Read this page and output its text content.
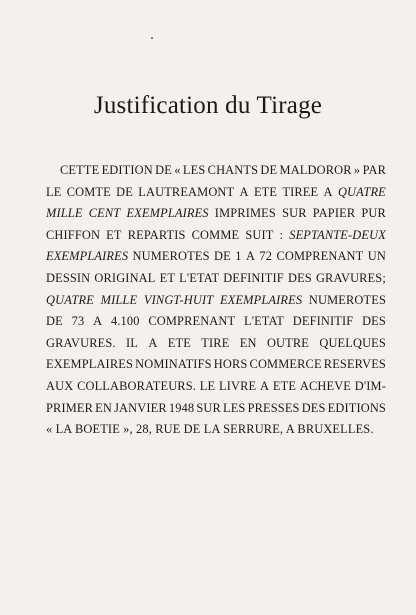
Justification du Tirage
CETTE EDITION DE « LES CHANTS DE MALDOROR » PAR
LE COMTE DE LAUTREAMONT A ETE TIREE A QUATRE
MILLE CENT EXEMPLAIRES IMPRIMES SUR PAPIER PUR
CHIFFON ET REPARTIS COMME SUIT : SEPTANTE-DEUX
EXEMPLAIRES NUMEROTES DE 1 A 72 COMPRENANT UN
DESSIN ORIGINAL ET L'ETAT DEFINITIF DES GRAVURES;
QUATRE MILLE VINGT-HUIT EXEMPLAIRES NUMEROTES
DE 73 A 4.100 COMPRENANT L'ETAT DEFINITIF DES
GRAVURES. IL A ETE TIRE EN OUTRE QUELQUES
EXEMPLAIRES NOMINATIFS HORS COMMERCE RESERVES
AUX COLLABORATEURS. LE LIVRE A ETE ACHEVE D'IM-
PRIMER EN JANVIER 1948 SUR LES PRESSES DES EDITIONS
« LA BOETIE », 28, RUE DE LA SERRURE, A BRUXELLES.
